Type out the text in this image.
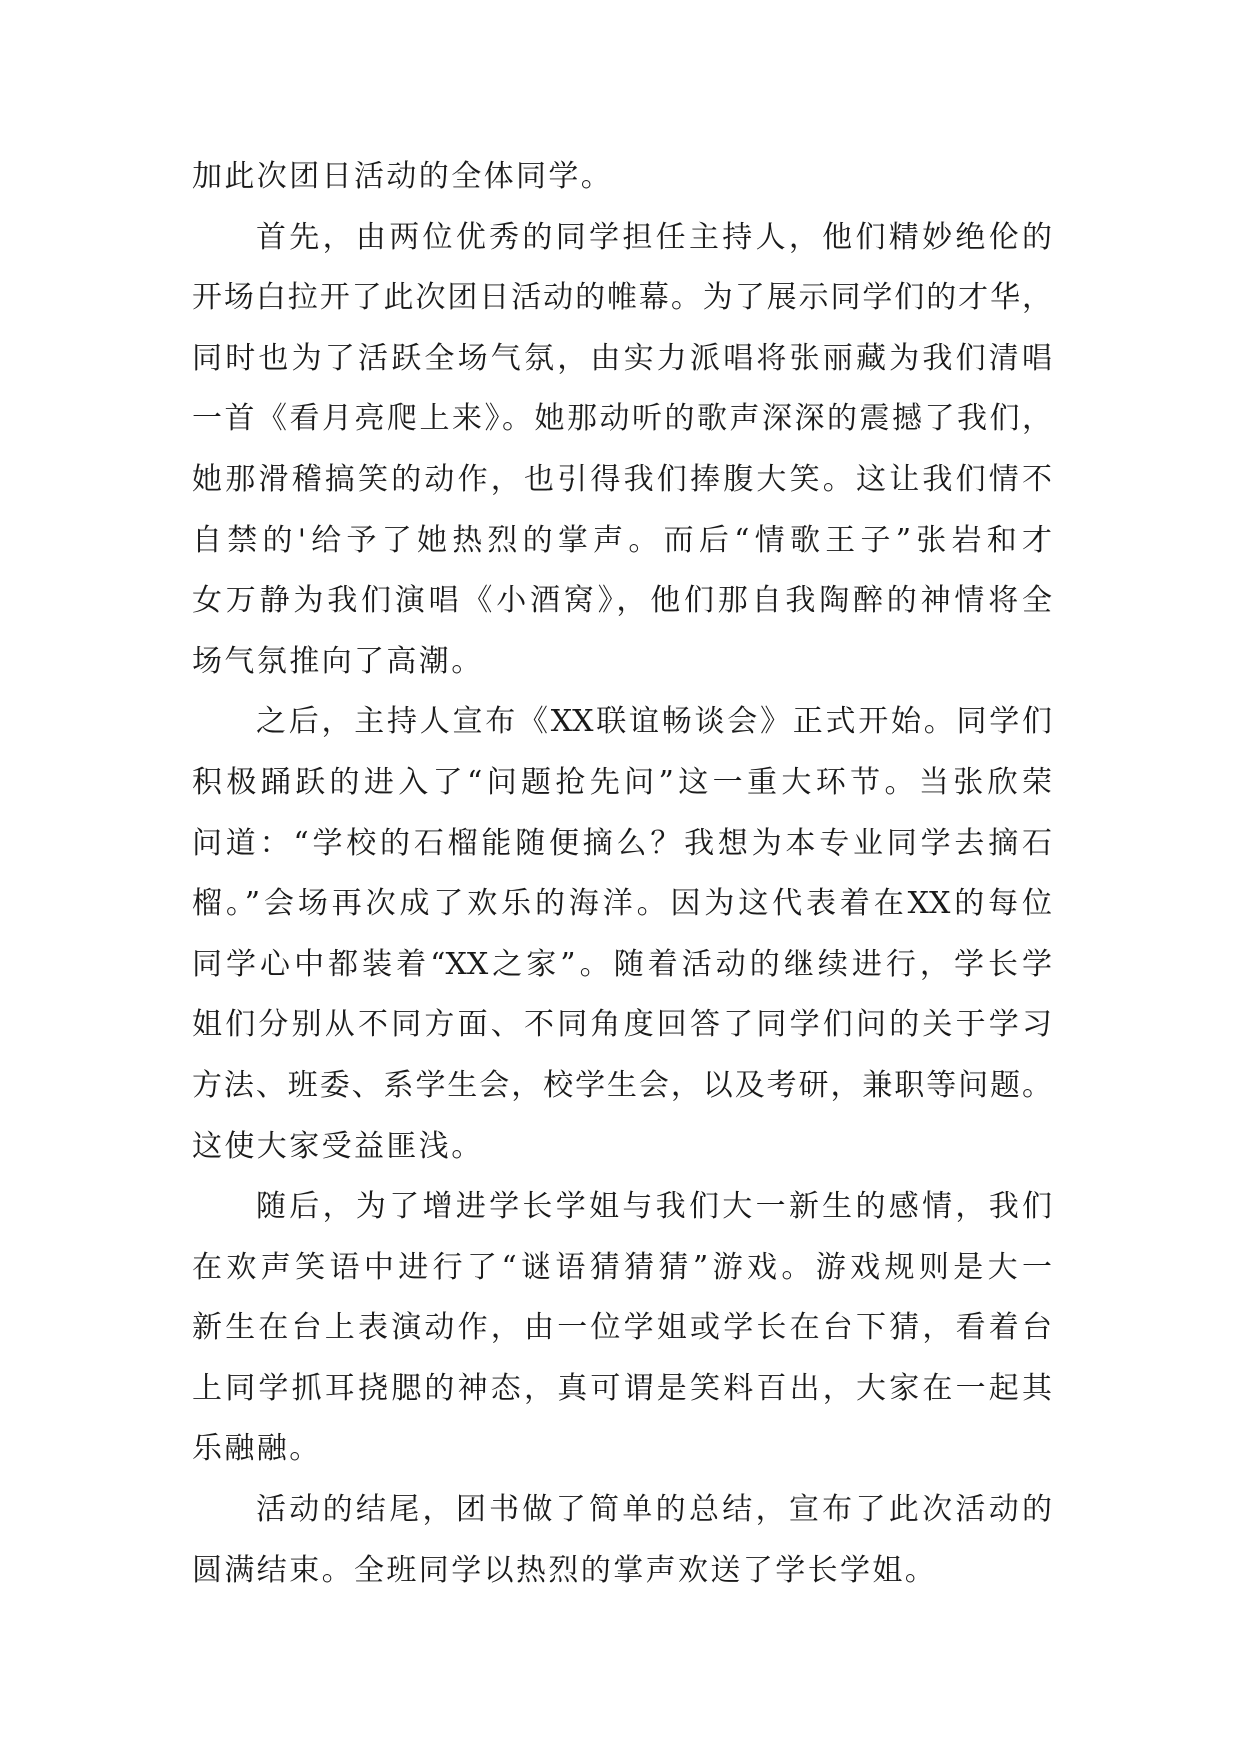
加此次团日活动的全体同学。
首先，由两位优秀的同学担任主持人，他们精妙绝伦的
开场白拉开了此次团日活动的帷幕。为了展示同学们的才华，
同时也为了活跃全场气氛，由实力派唱将张丽藏为我们清唱
一首《看月亮爬上来》。她那动听的歌声深深的震撼了我们，
她那滑稽搞笑的动作，也引得我们捧腹大笑。这让我们情不
自禁的'给予了她热烈的掌声。而后“情歌王子”张岩和才
女万静为我们演唱《小酒窝》，他们那自我陶醉的神情将全
场气氛推向了高潮。
之后，主持人宣布《XX联谊畅谈会》正式开始。同学们
积极踊跃的进入了“问题抢先问”这一重大环节。当张欣荣
问道：“学校的石榴能随便摘么？我想为本专业同学去摘石
榴。”会场再次成了欢乐的海洋。因为这代表着在XX的每位
同学心中都装着“XX之家”。随着活动的继续进行，学长学
姐们分别从不同方面、不同角度回答了同学们问的关于学习
方法、班委、系学生会，校学生会，以及考研，兼职等问题。
这使大家受益匪浅。
随后，为了增进学长学姐与我们大一新生的感情，我们
在欢声笑语中进行了“谜语猜猜猜”游戏。游戏规则是大一
新生在台上表演动作，由一位学姐或学长在台下猜，看着台
上同学抓耳挠腮的神态，真可谓是笑料百出，大家在一起其
乐融融。
活动的结尾，团书做了简单的总结，宣布了此次活动的
圆满结束。全班同学以热烈的掌声欢送了学长学姐。
